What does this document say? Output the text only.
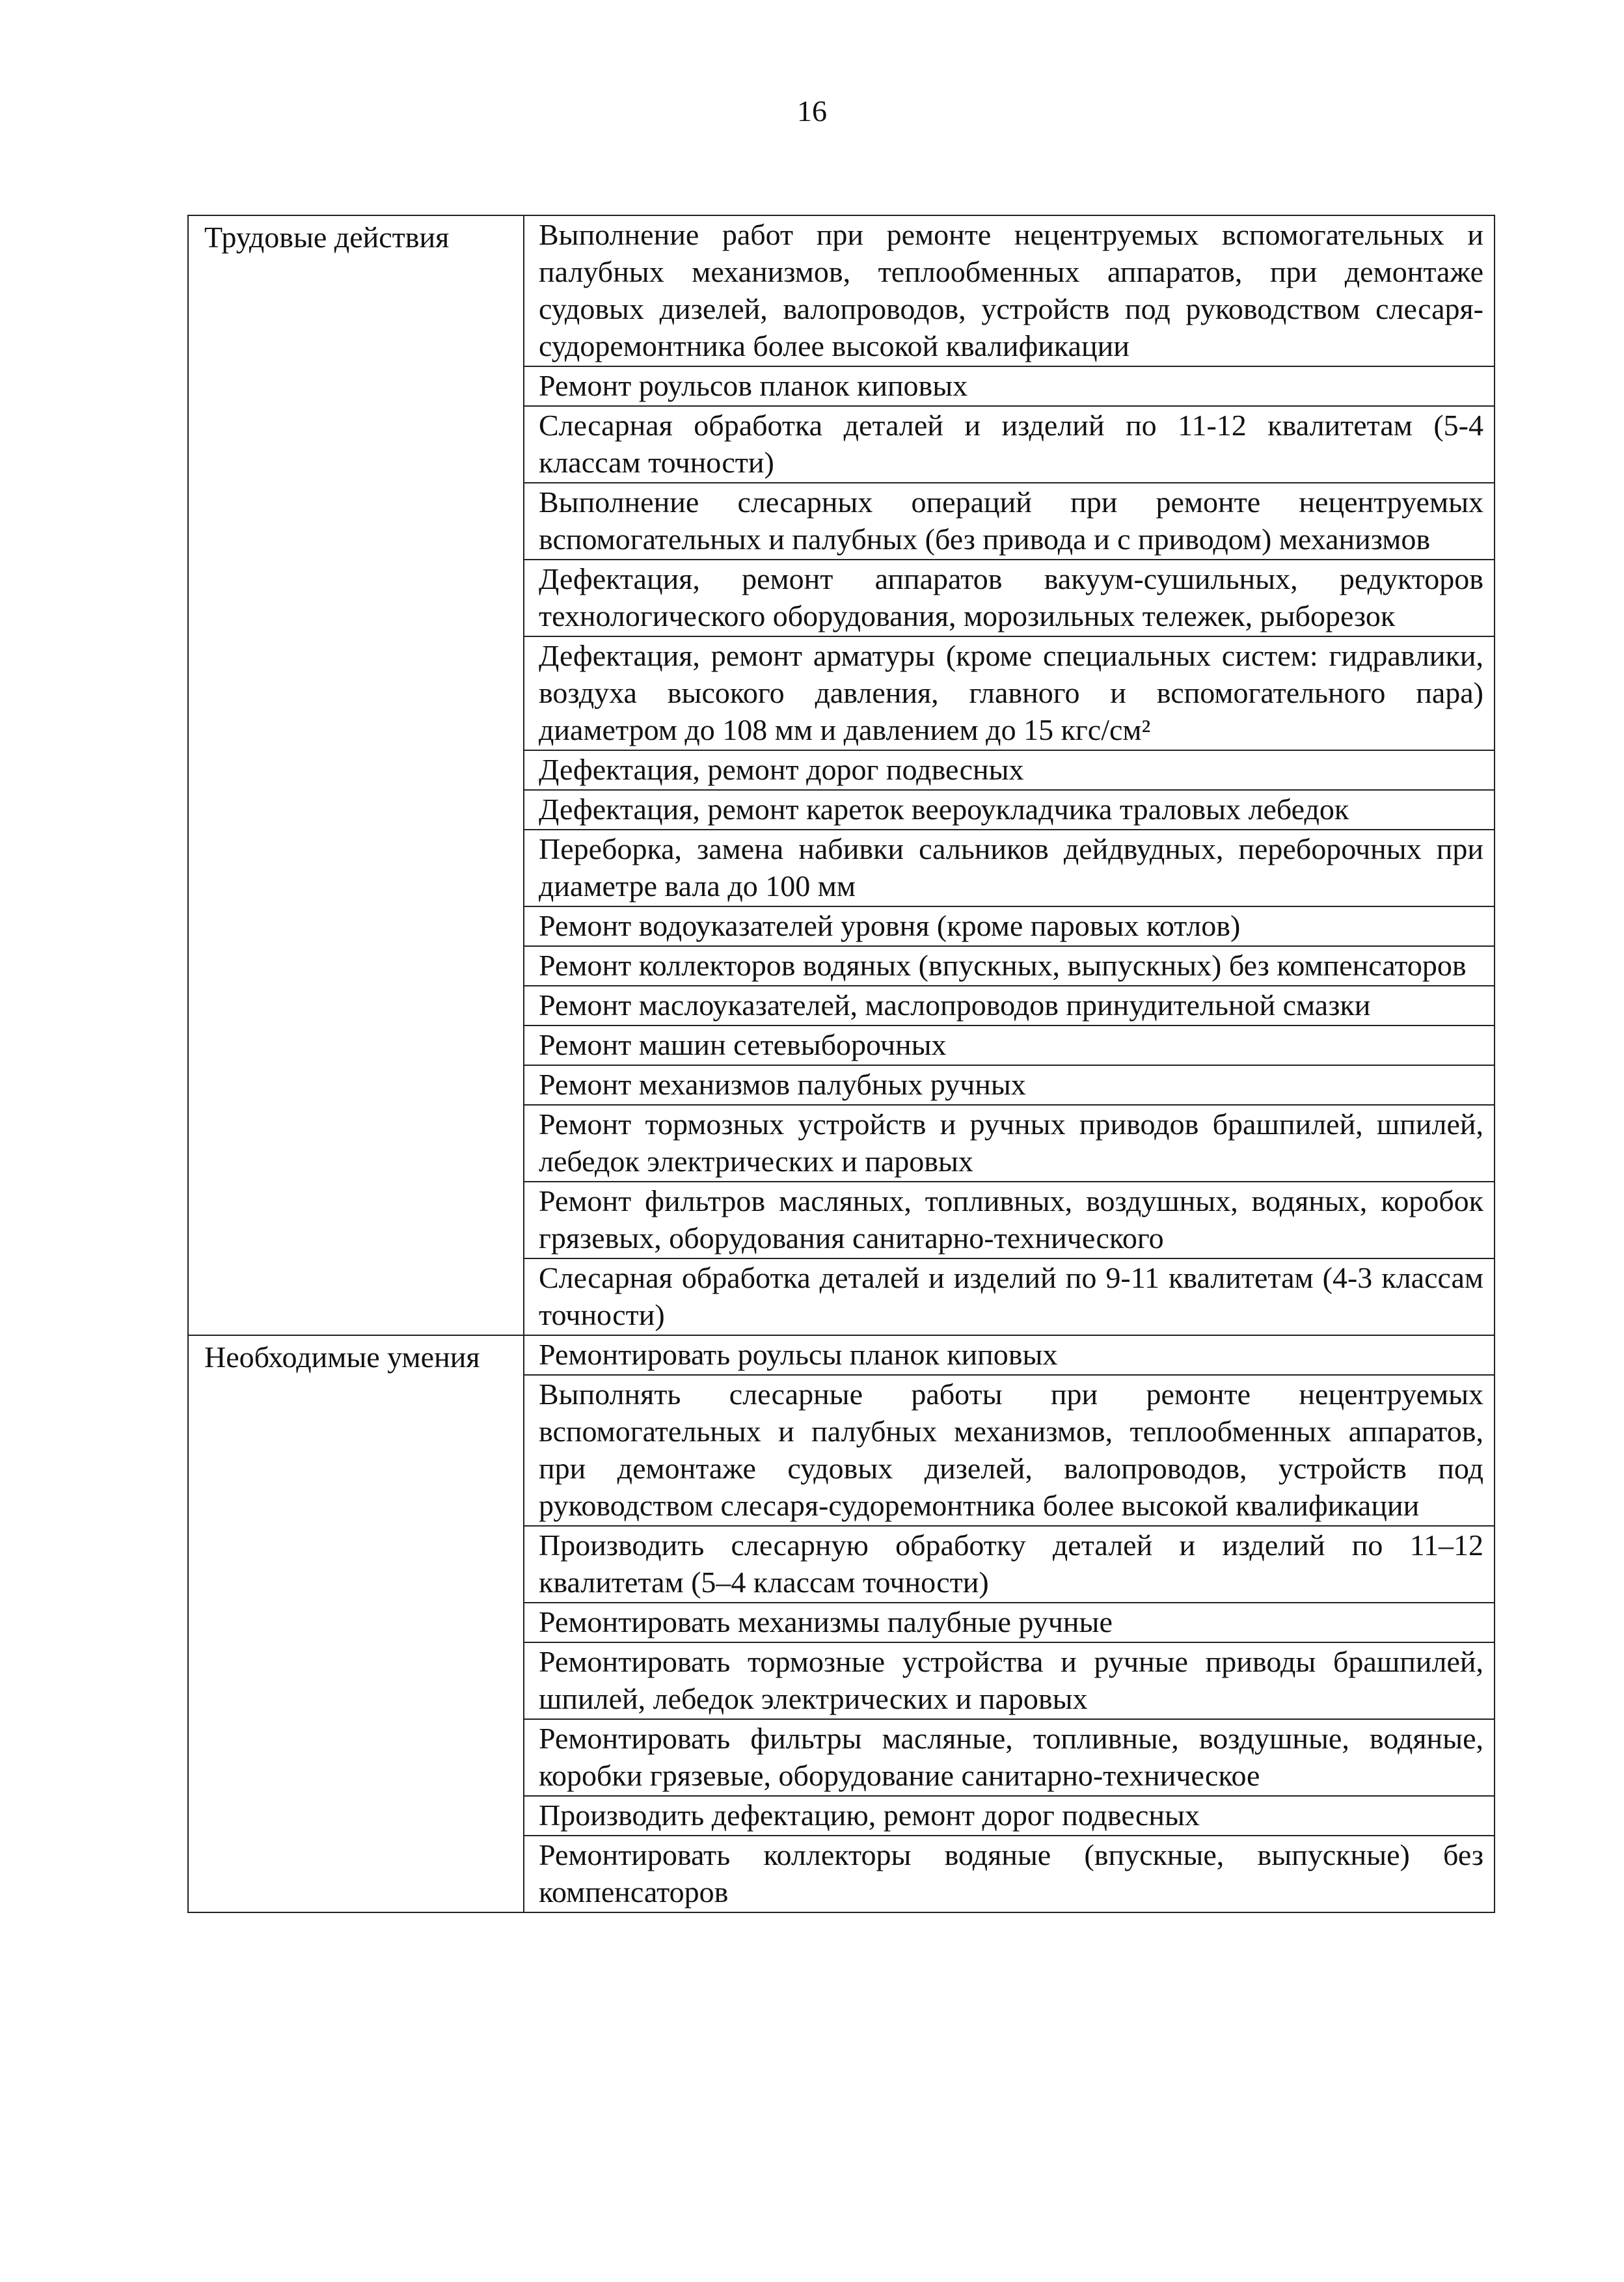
16
Трудовые действия	Выполнение работ при ремонте нецентруемых вспомогательных и палубных механизмов, теплообменных аппаратов, при демонтаже судовых дизелей, валопроводов, устройств под руководством слесаря-судоремонтника более высокой квалификации
	Ремонт роульсов планок киповых
	Слесарная обработка деталей и изделий по 11-12 квалитетам (5-4 классам точности)
	Выполнение слесарных операций при ремонте нецентруемых вспомогательных и палубных (без привода и с приводом) механизмов
	Дефектация, ремонт аппаратов вакуум-сушильных, редукторов технологического оборудования, морозильных тележек, рыборезок
	Дефектация, ремонт арматуры (кроме специальных систем: гидравлики, воздуха высокого давления, главного и вспомогательного пара) диаметром до 108 мм и давлением до 15 кгс/см²
	Дефектация, ремонт дорог подвесных
	Дефектация, ремонт кареток веероукладчика траловых лебедок
	Переборка, замена набивки сальников дейдвудных, переборочных при диаметре вала до 100 мм
	Ремонт водоуказателей уровня (кроме паровых котлов)
	Ремонт коллекторов водяных (впускных, выпускных) без компенсаторов
	Ремонт маслоуказателей, маслопроводов принудительной смазки
	Ремонт машин сетевыборочных
	Ремонт механизмов палубных ручных
	Ремонт тормозных устройств и ручных приводов брашпилей, шпилей, лебедок электрических и паровых
	Ремонт фильтров масляных, топливных, воздушных, водяных, коробок грязевых, оборудования санитарно-технического
	Слесарная обработка деталей и изделий по 9-11 квалитетам (4-3 классам точности)
Необходимые умения	Ремонтировать роульсы планок киповых
	Выполнять слесарные работы при ремонте нецентруемых вспомогательных и палубных механизмов, теплообменных аппаратов, при демонтаже судовых дизелей, валопроводов, устройств под руководством слесаря-судоремонтника более высокой квалификации
	Производить слесарную обработку деталей и изделий по 11–12 квалитетам (5–4 классам точности)
	Ремонтировать механизмы палубные ручные
	Ремонтировать тормозные устройства и ручные приводы брашпилей, шпилей, лебедок электрических и паровых
	Ремонтировать фильтры масляные, топливные, воздушные, водяные, коробки грязевые, оборудование санитарно-техническое
	Производить дефектацию, ремонт дорог подвесных
	Ремонтировать коллекторы водяные (впускные, выпускные) без компенсаторов
